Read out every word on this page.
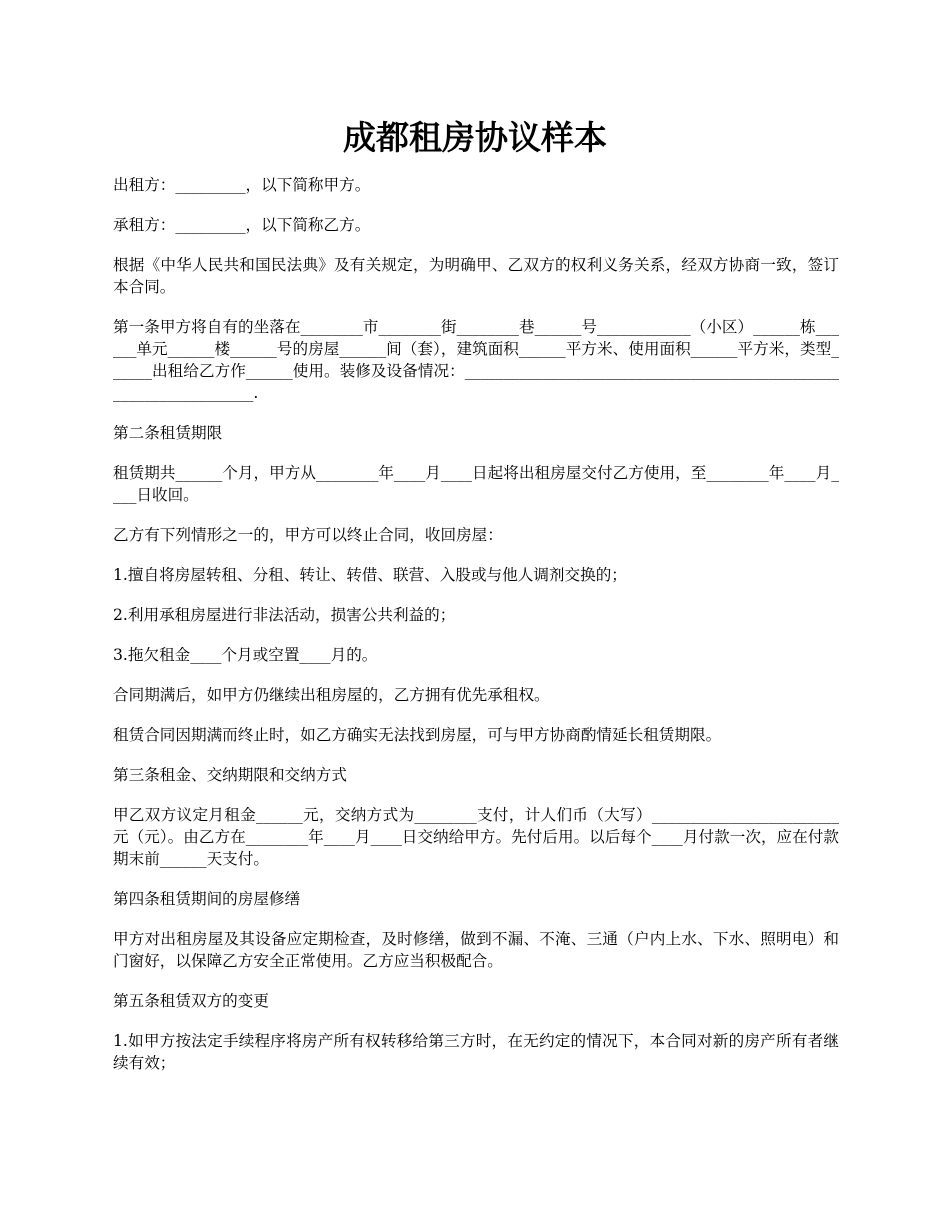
成都租房协议样本

出租方：_________，以下简称甲方。

承租方：_________，以下简称乙方。

根据《中华人民共和国民法典》及有关规定，为明确甲、乙双方的权利义务关系，经双方协商一致，签订本合同。

第一条甲方将自有的坐落在________市________街________巷______号____________（小区）______栋______单元______楼______号的房屋______间（套），建筑面积______平方米、使用面积______平方米，类型______出租给乙方作______使用。装修及设备情况：__________________________________________________________________.

第二条租赁期限

租赁期共______个月，甲方从________年____月____日起将出租房屋交付乙方使用，至________年____月____日收回。

乙方有下列情形之一的，甲方可以终止合同，收回房屋：

1.擅自将房屋转租、分租、转让、转借、联营、入股或与他人调剂交换的；

2.利用承租房屋进行非法活动，损害公共利益的；

3.拖欠租金____个月或空置____月的。

合同期满后，如甲方仍继续出租房屋的，乙方拥有优先承租权。

租赁合同因期满而终止时，如乙方确实无法找到房屋，可与甲方协商酌情延长租赁期限。

第三条租金、交纳期限和交纳方式

甲乙双方议定月租金______元，交纳方式为________支付，计人们币（大写）________________________元（元）。由乙方在________年____月____日交纳给甲方。先付后用。以后每个____月付款一次，应在付款期末前______天支付。

第四条租赁期间的房屋修缮

甲方对出租房屋及其设备应定期检查，及时修缮，做到不漏、不淹、三通（户内上水、下水、照明电）和门窗好，以保障乙方安全正常使用。乙方应当积极配合。

第五条租赁双方的变更

1.如甲方按法定手续程序将房产所有权转移给第三方时，在无约定的情况下，本合同对新的房产所有者继续有效；
